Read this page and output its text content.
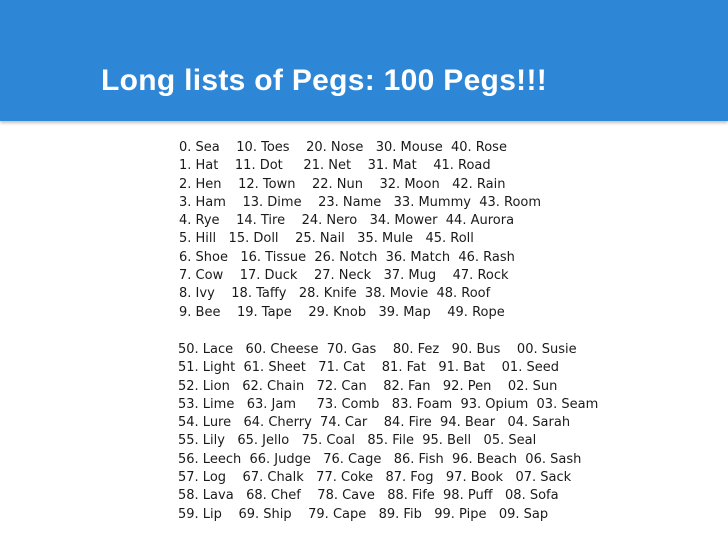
Long lists of Pegs: 100 Pegs!!!
0. Sea    10. Toes    20. Nose   30. Mouse  40. Rose
1. Hat    11. Dot     21. Net    31. Mat    41. Road
2. Hen    12. Town    22. Nun    32. Moon   42. Rain
3. Ham    13. Dime    23. Name   33. Mummy  43. Room
4. Rye    14. Tire    24. Nero   34. Mower  44. Aurora
5. Hill   15. Doll    25. Nail   35. Mule   45. Roll
6. Shoe   16. Tissue  26. Notch  36. Match  46. Rash
7. Cow    17. Duck    27. Neck   37. Mug    47. Rock
8. Ivy    18. Taffy   28. Knife  38. Movie  48. Roof
9. Bee    19. Tape    29. Knob   39. Map    49. Rope
50. Lace   60. Cheese  70. Gas    80. Fez   90. Bus    00. Susie
51. Light  61. Sheet   71. Cat    81. Fat   91. Bat    01. Seed
52. Lion   62. Chain   72. Can    82. Fan   92. Pen    02. Sun
53. Lime   63. Jam     73. Comb   83. Foam  93. Opium  03. Seam
54. Lure   64. Cherry  74. Car    84. Fire  94. Bear   04. Sarah
55. Lily   65. Jello   75. Coal   85. File  95. Bell   05. Seal
56. Leech  66. Judge   76. Cage   86. Fish  96. Beach  06. Sash
57. Log    67. Chalk   77. Coke   87. Fog   97. Book   07. Sack
58. Lava   68. Chef    78. Cave   88. Fife  98. Puff   08. Sofa
59. Lip    69. Ship    79. Cape   89. Fib   99. Pipe   09. Sap
